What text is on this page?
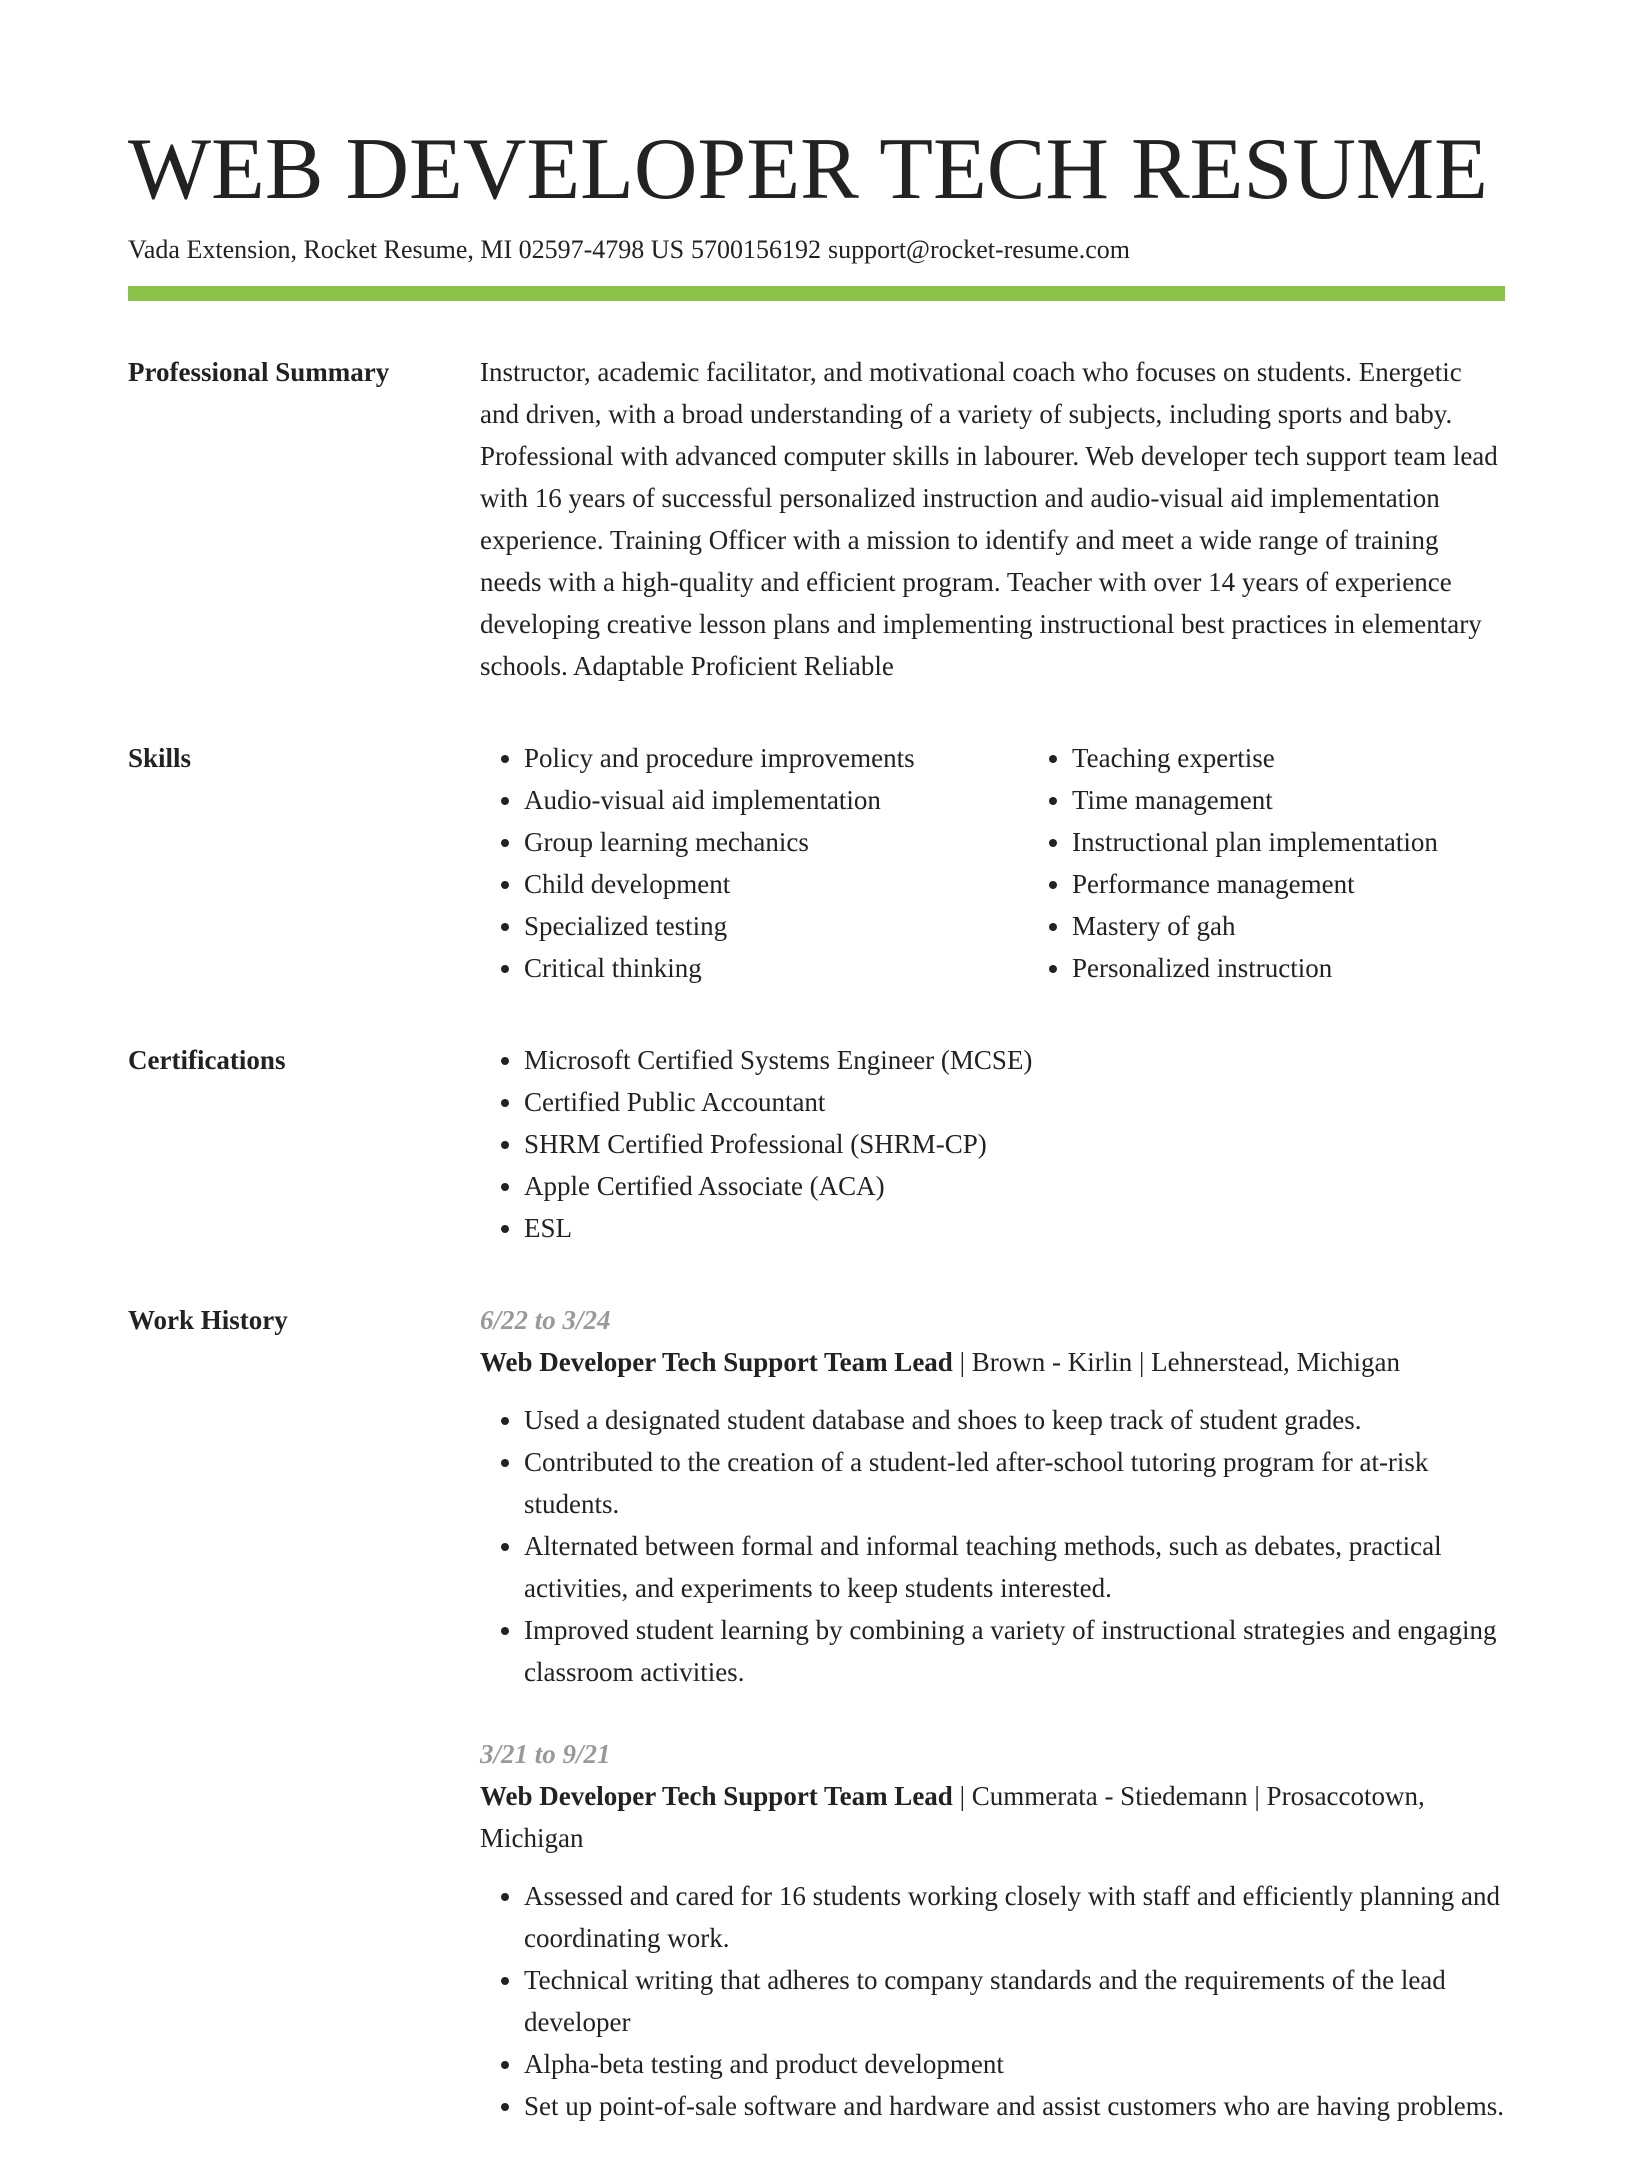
WEB DEVELOPER TECH RESUME
Vada Extension, Rocket Resume, MI 02597-4798 US 5700156192 support@rocket-resume.com
Professional Summary	Instructor, academic facilitator, and motivational coach who focuses on students. Energetic and driven, with a broad understanding of a variety of subjects, including sports and baby. Professional with advanced computer skills in labourer. Web developer tech support team lead with 16 years of successful personalized instruction and audio-visual aid implementation experience. Training Officer with a mission to identify and meet a wide range of training needs with a high-quality and efficient program. Teacher with over 14 years of experience developing creative lesson plans and implementing instructional best practices in elementary schools. Adaptable Proficient Reliable

Skills	• Policy and procedure improvements
• Audio-visual aid implementation
• Group learning mechanics
• Child development
• Specialized testing
• Critical thinking
• Teaching expertise
• Time management
• Instructional plan implementation
• Performance management
• Mastery of gah
• Personalized instruction
Certifications	• Microsoft Certified Systems Engineer (MCSE)
• Certified Public Accountant
• SHRM Certified Professional (SHRM-CP)
• Apple Certified Associate (ACA)
• ESL
Work History	6/22 to 3/24
Web Developer Tech Support Team Lead | Brown - Kirlin | Lehnerstead, Michigan
• Used a designated student database and shoes to keep track of student grades.
• Contributed to the creation of a student-led after-school tutoring program for at-risk students.
• Alternated between formal and informal teaching methods, such as debates, practical activities, and experiments to keep students interested.
• Improved student learning by combining a variety of instructional strategies and engaging classroom activities.
3/21 to 9/21
Web Developer Tech Support Team Lead | Cummerata - Stiedemann | Prosaccotown, Michigan
• Assessed and cared for 16 students working closely with staff and efficiently planning and coordinating work.
• Technical writing that adheres to company standards and the requirements of the lead developer
• Alpha-beta testing and product development
• Set up point-of-sale software and hardware and assist customers who are having problems.
